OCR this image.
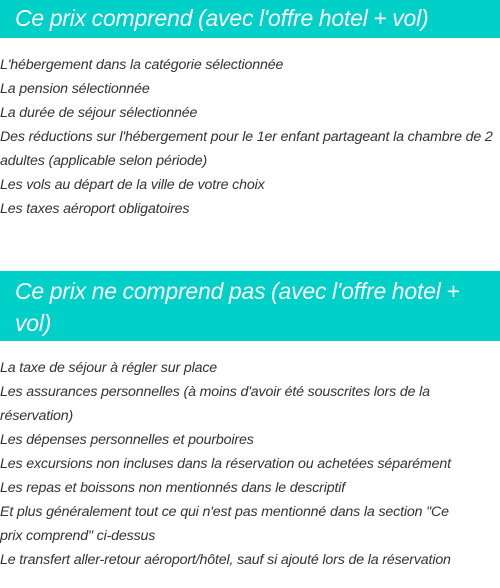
Ce prix comprend (avec l'offre hotel + vol)
L'hébergement dans la catégorie sélectionnée
La pension sélectionnée
La durée de séjour sélectionnée
Des réductions sur l'hébergement pour le 1er enfant partageant la chambre de 2 adultes (applicable selon période)
Les vols au départ de la ville de votre choix
Les taxes aéroport obligatoires
Ce prix ne comprend pas (avec l'offre hotel + vol)
La taxe de séjour à régler sur place
Les assurances personnelles (à moins d'avoir été souscrites lors de la réservation)
Les dépenses personnelles et pourboires
Les excursions non incluses dans la réservation ou achetées séparément
Les repas et boissons non mentionnés dans le descriptif
Et plus généralement tout ce qui n'est pas mentionné dans la section "Ce prix comprend" ci-dessus
Le transfert aller-retour aéroport/hôtel, sauf si ajouté lors de la réservation
